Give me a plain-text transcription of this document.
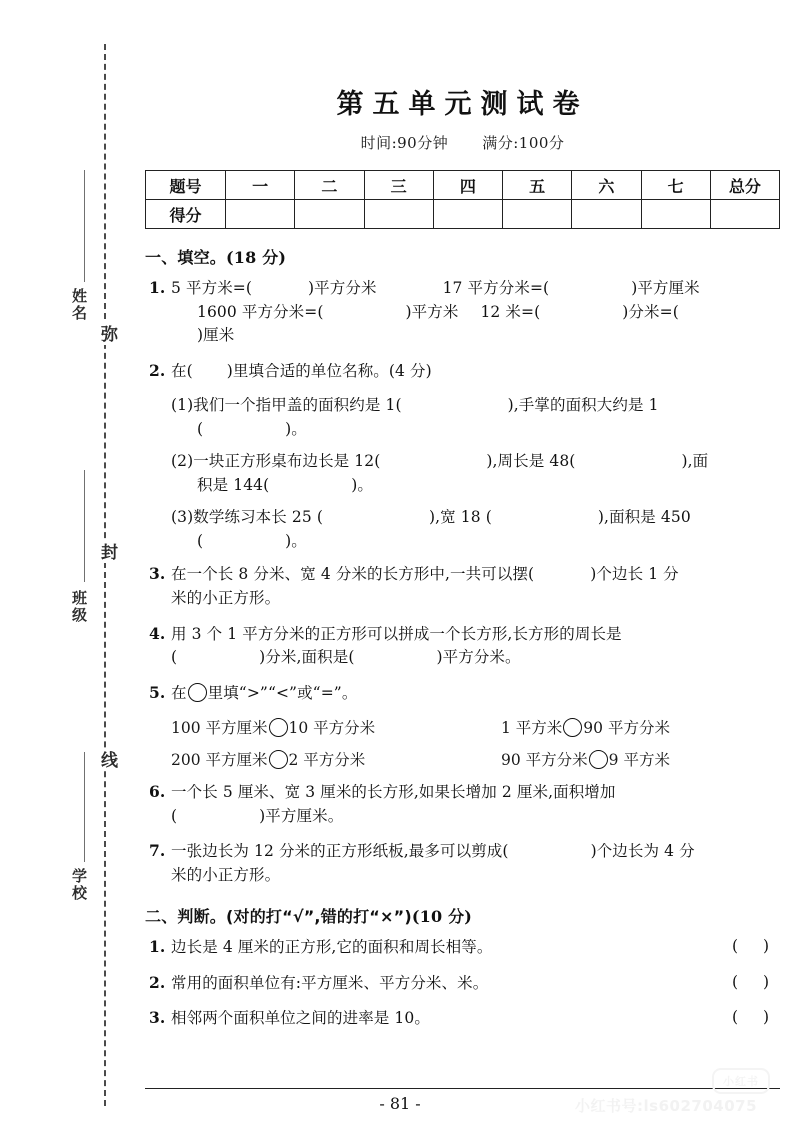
弥
封
线
姓名
班级
学校
第五单元测试卷
时间:90分钟 满分:100分
题号	一	二	三	四	五	六	七	总分
得分								
一、填空。(18 分)
1. 5 平方米=(	)平方分米	17 平方分米=(	)平方厘米
1600 平方分米=(	)平方米 12 米=(	)分米=()厘米
2. 在( )里填合适的单位名称。(4 分)
(1)我们一个指甲盖的面积约是 1(	),手掌的面积大约是 1
(	)。
(2)一块正方形桌布边长是 12(	),周长是 48(	),面
积是 144(	)。
(3)数学练习本长 25 (	),宽 18 (	),面积是 450
(	)。
3. 在一个长 8 分米、宽 4 分米的长方形中,一共可以摆(	)个边长 1 分
米的小正方形。
4. 用 3 个 1 平方分米的正方形可以拼成一个长方形,长方形的周长是
(	)分米,面积是(	)平方分米。
5. 在 里填“>”“<”或“=”。
100 平方厘米 10 平方分米	1 平方米 90 平方分米
200 平方厘米 2 平方分米	90 平方分米 9 平方米
6. 一个长 5 厘米、宽 3 厘米的长方形,如果长增加 2 厘米,面积增加
(	)平方厘米。
7. 一张边长为 12 分米的正方形纸板,最多可以剪成(	)个边长为 4 分
米的小正方形。
二、判断。(对的打“√”,错的打“×”)(10 分)
1. 边长是 4 厘米的正方形,它的面积和周长相等。	( )
2. 常用的面积单位有:平方厘米、平方分米、米。	( )
3. 相邻两个面积单位之间的进率是 10。	( )
- 81 -	小红书号:ls602704075
小红书
